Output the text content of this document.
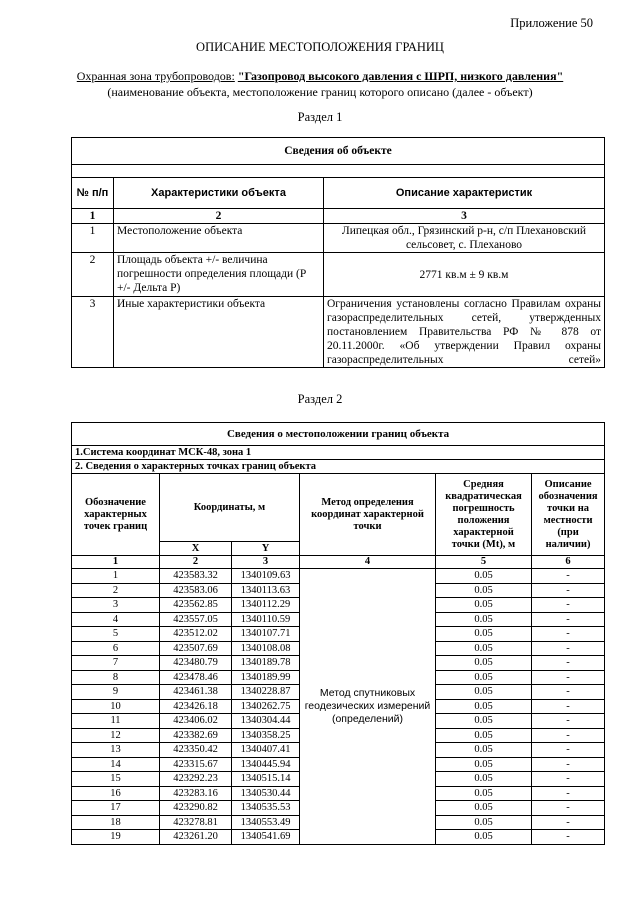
Приложение 50
ОПИСАНИЕ МЕСТОПОЛОЖЕНИЯ ГРАНИЦ
Охранная зона трубопроводов: "Газопровод высокого давления с ШРП, низкого давления"
(наименование объекта, местоположение границ которого описано (далее - объект)
Раздел 1
Сведения об объекте		

№ п/п	Характеристики объекта	Описание характеристик
1	2	3
1	Местоположение объекта	Липецкая обл., Грязинский р-н, с/п Плехановский сельсовет, с. Плеханово
2	Площадь объекта +/- величина погрешности определения площади (Р +/- Дельта Р)	2771 кв.м ± 9 кв.м
3	Иные характеристики объекта	Ограничения установлены согласно Правилам охраны газораспределительных сетей, утвержденных постановлением Правительства РФ № 878 от 20.11.2000г. «Об утверждении Правил охраны газораспределительных сетей»
Раздел 2
Сведения о местоположении границ объекта					
1.Система координат МСК-48, зона 1					
2. Сведения о характерных точках границ объекта					
Обозначение характерных точек границ	Координаты, м		Метод определения координат характерной точки	Средняя квадратическая погрешность положения характерной точки (Mt), м	Описание обозначения точки на местности (при наличии)
	X	Y			
1	2	3	4	5	6
1	423583.32	1340109.63	Метод спутниковых геодезических измерений (определений)	0.05	-
2	423583.06	1340113.63		0.05	-
3	423562.85	1340112.29		0.05	-
4	423557.05	1340110.59		0.05	-
5	423512.02	1340107.71		0.05	-
6	423507.69	1340108.08		0.05	-
7	423480.79	1340189.78		0.05	-
8	423478.46	1340189.99		0.05	-
9	423461.38	1340228.87		0.05	-
10	423426.18	1340262.75		0.05	-
11	423406.02	1340304.44		0.05	-
12	423382.69	1340358.25		0.05	-
13	423350.42	1340407.41		0.05	-
14	423315.67	1340445.94		0.05	-
15	423292.23	1340515.14		0.05	-
16	423283.16	1340530.44		0.05	-
17	423290.82	1340535.53		0.05	-
18	423278.81	1340553.49		0.05	-
19	423261.20	1340541.69		0.05	-
